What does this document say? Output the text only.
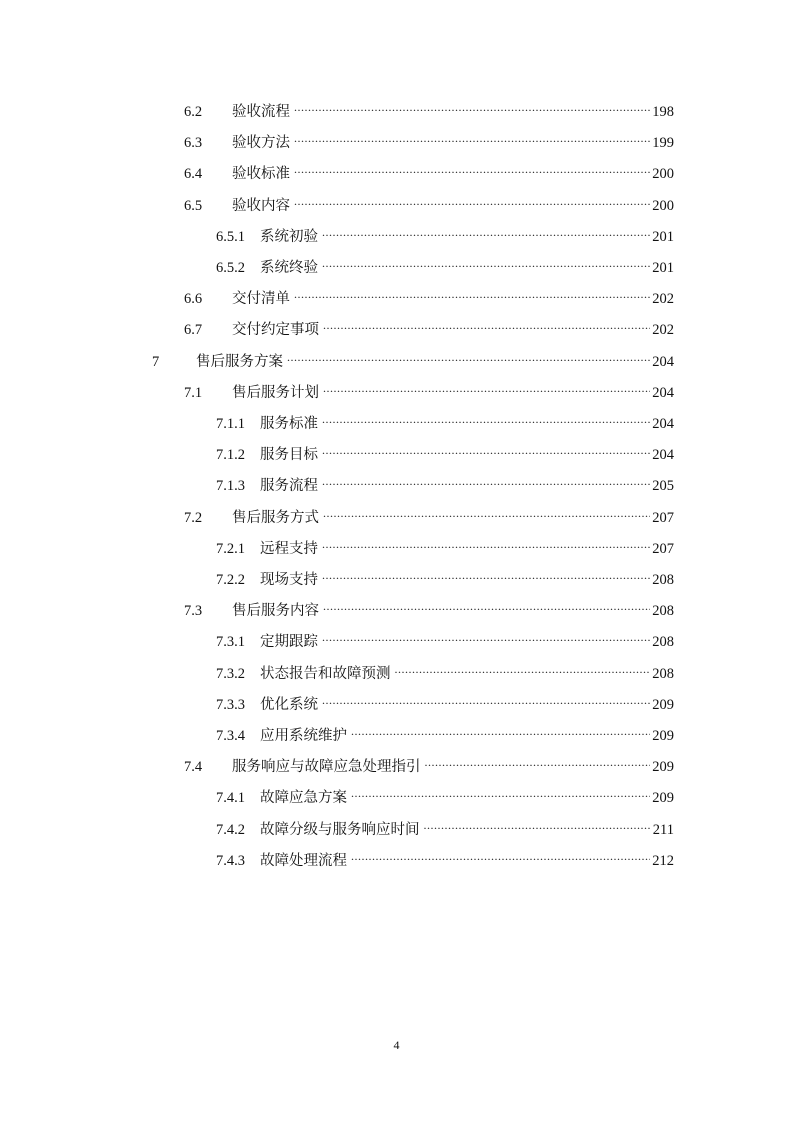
6.2	验收流程 .....	198
6.3	验收方法 .....	199
6.4	验收标准 .....	200
6.5	验收内容 .....	200
6.5.1	系统初验 .....	201
6.5.2	系统终验 .....	201
6.6	交付清单 .....	202
6.7	交付约定事项 .....	202
7	售后服务方案 .....	204
7.1	售后服务计划 .....	204
7.1.1	服务标准 .....	204
7.1.2	服务目标 .....	204
7.1.3	服务流程 .....	205
7.2	售后服务方式 .....	207
7.2.1	远程支持 .....	207
7.2.2	现场支持 .....	208
7.3	售后服务内容 .....	208
7.3.1	定期跟踪 .....	208
7.3.2	状态报告和故障预测 .....	208
7.3.3	优化系统 .....	209
7.3.4	应用系统维护 .....	209
7.4	服务响应与故障应急处理指引 .....	209
7.4.1	故障应急方案 .....	209
7.4.2	故障分级与服务响应时间 .....	211
7.4.3	故障处理流程 .....	212
4
